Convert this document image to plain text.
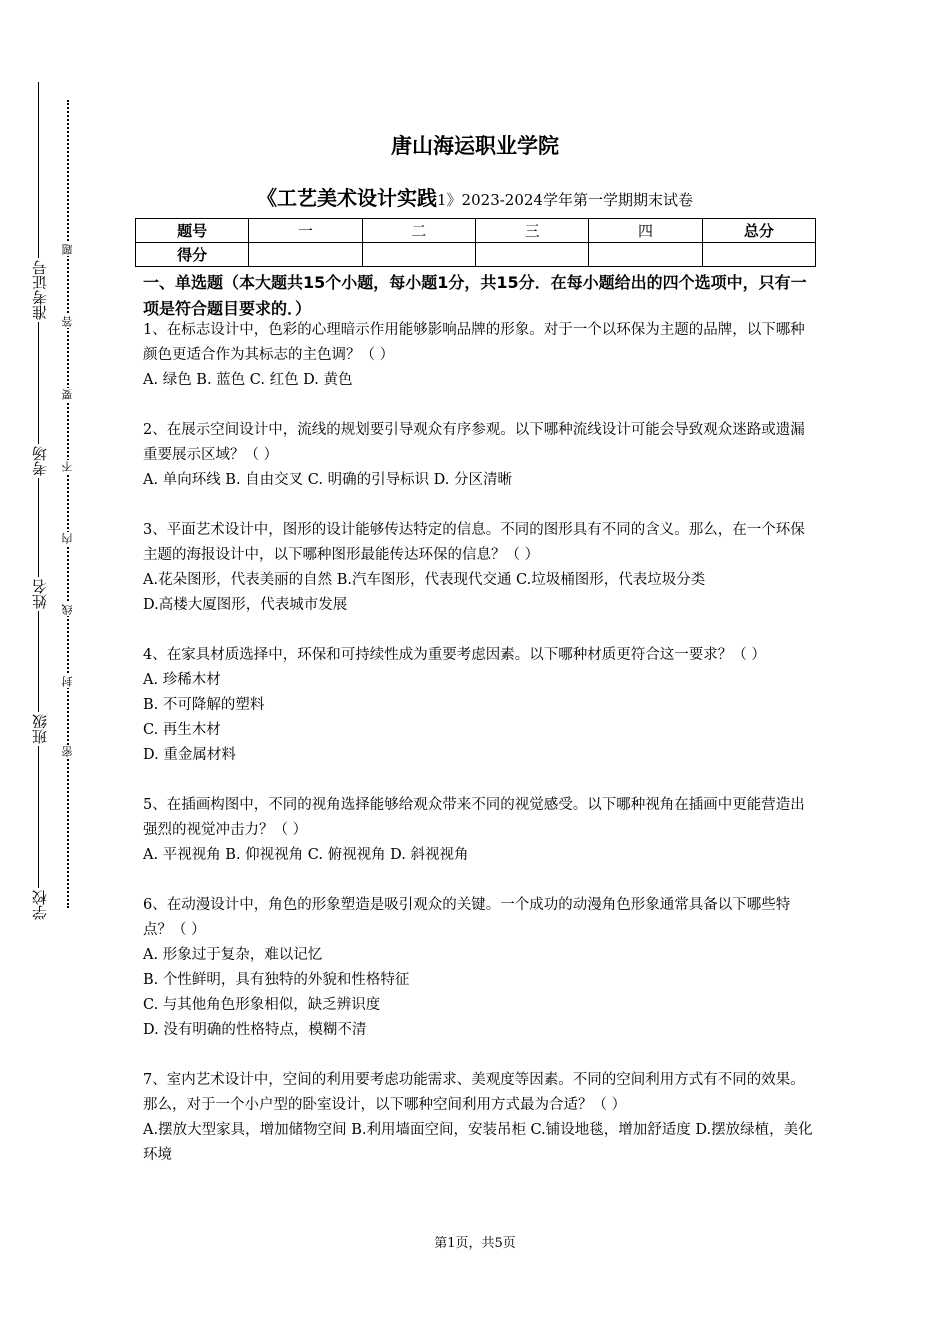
准考证号
考场
姓名
班级
学校
题
答
要
不
内
线
封
密
唐山海运职业学院
《工艺美术设计实践1》2023-2024学年第一学期期末试卷
题号	一	二	三	四	总分
得分					
一、单选题（本大题共15个小题，每小题1分，共15分．在每小题给出的四个选项中，只有一项是符合题目要求的．）

1、在标志设计中，色彩的心理暗示作用能够影响品牌的形象。对于一个以环保为主题的品牌，以下哪种颜色更适合作为其标志的主色调？（ ）

A. 绿色 B. 蓝色 C. 红色 D. 黄色

2、在展示空间设计中，流线的规划要引导观众有序参观。以下哪种流线设计可能会导致观众迷路或遗漏重要展示区域？（ ）

A. 单向环线 B. 自由交叉 C. 明确的引导标识 D. 分区清晰

3、平面艺术设计中，图形的设计能够传达特定的信息。不同的图形具有不同的含义。那么，在一个环保主题的海报设计中，以下哪种图形最能传达环保的信息？（ ）

A.花朵图形，代表美丽的自然 B.汽车图形，代表现代交通 C.垃圾桶图形，代表垃圾分类

D.高楼大厦图形，代表城市发展

4、在家具材质选择中，环保和可持续性成为重要考虑因素。以下哪种材质更符合这一要求？（ ）

A. 珍稀木材

B. 不可降解的塑料

C. 再生木材

D. 重金属材料

5、在插画构图中，不同的视角选择能够给观众带来不同的视觉感受。以下哪种视角在插画中更能营造出强烈的视觉冲击力？（ ）

A. 平视视角 B. 仰视视角 C. 俯视视角 D. 斜视视角

6、在动漫设计中，角色的形象塑造是吸引观众的关键。一个成功的动漫角色形象通常具备以下哪些特点？（ ）

A. 形象过于复杂，难以记忆

B. 个性鲜明，具有独特的外貌和性格特征

C. 与其他角色形象相似，缺乏辨识度

D. 没有明确的性格特点，模糊不清

7、室内艺术设计中，空间的利用要考虑功能需求、美观度等因素。不同的空间利用方式有不同的效果。那么，对于一个小户型的卧室设计，以下哪种空间利用方式最为合适？（ ）

A.摆放大型家具，增加储物空间 B.利用墙面空间，安装吊柜 C.铺设地毯，增加舒适度 D.摆放绿植，美化环境

第1页，共5页
